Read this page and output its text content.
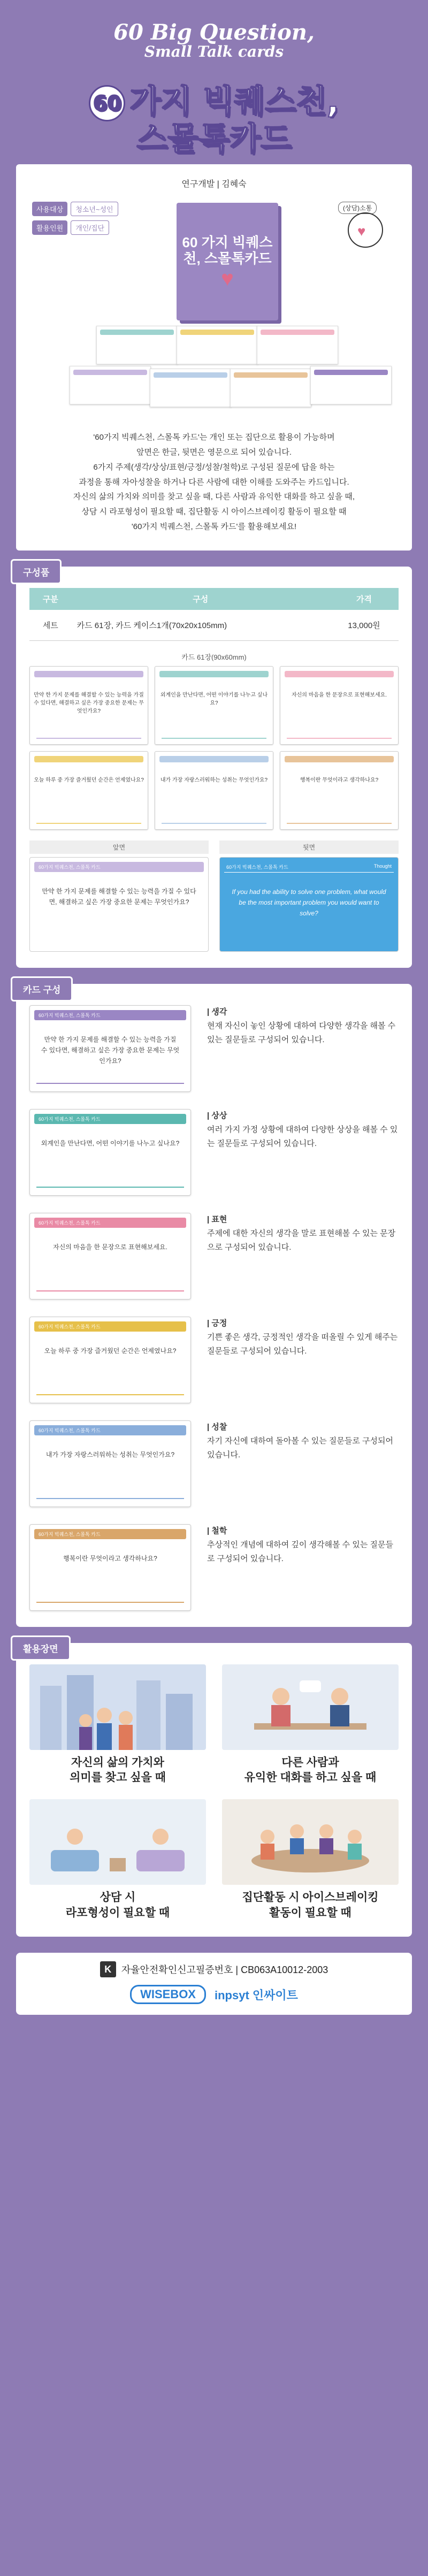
60 Big Question,
Small Talk cards
60 가지 빅퀘스천,
스몰톡카드
연구개발 | 김혜숙
사용대상	청소년~성인
활용인원	개인/집단
(상담)소통
♥
60 가지 빅퀘스천, 스몰톡카드
♥
'60가지 빅퀘스천, 스몰톡 카드'는 개인 또는 집단으로 활용이 가능하며
앞면은 한글, 뒷면은 영문으로 되어 있습니다.
6가지 주제(생각/상상/표현/긍정/성찰/철학)로 구성된 질문에 답을 하는
과정을 통해 자아성찰을 하거나 다른 사람에 대한 이해를 도와주는 카드입니다.
자신의 삶의 가치와 의미를 찾고 싶을 때, 다른 사람과 유익한 대화를 하고 싶을 때,
상담 시 라포형성이 필요할 때, 집단활동 시 아이스브레이킹 활동이 필요할 때
'60가지 빅퀘스천, 스몰톡 카드'를 활용해보세요!
구성품
구분	구성	가격
세트	카드 61장, 카드 케이스1개(70x20x105mm)	13,000원
카드 61장(90x60mm)
만약 한 가지 문제를 해결할 수 있는 능력을 가질 수 있다면, 해결하고 싶은 가장 중요한 문제는 무엇인가요?
외계인을 만난다면, 어떤 이야기를 나누고 싶나요?
자신의 마음을 한 문장으로 표현해보세요.
오늘 하루 중 가장 즐거웠던 순간은 언제였나요?	내가 가장 자랑스러워하는 성취는 무엇인가요?	행복이란 무엇이라고 생각하나요?
앞면
60가지 빅퀘스천, 스몰톡 카드
만약 한 가지 문제를 해결할 수 있는 능력을 가질 수 있다면, 해결하고 싶은 가장 중요한 문제는 무엇인가요?
뒷면
60가지 빅퀘스천, 스몰톡 카드	Thought
If you had the ability to solve one problem, what would be the most important problem you would want to solve?
카드 구성
60가지 빅퀘스천, 스몰톡 카드
만약 한 가지 문제를 해결할 수 있는 능력을 가질 수 있다면, 해결하고 싶은 가장 중요한 문제는 무엇인가요?
| 생각
현재 자신이 놓인 상황에 대하여 다양한 생각을 해볼 수 있는 질문들로 구성되어 있습니다.
60가지 빅퀘스천, 스몰톡 카드
외계인을 만난다면, 어떤 이야기를 나누고 싶나요?
| 상상
여러 가지 가정 상황에 대하여 다양한 상상을 해볼 수 있는 질문들로 구성되어 있습니다.
60가지 빅퀘스천, 스몰톡 카드
자신의 마음을 한 문장으로 표현해보세요.
| 표현
주제에 대한 자신의 생각을 말로 표현해볼 수 있는 문장으로 구성되어 있습니다.
60가지 빅퀘스천, 스몰톡 카드
오늘 하루 중 가장 즐거웠던 순간은 언제였나요?
| 긍정
기쁜 좋은 생각, 긍정적인 생각을 떠올릴 수 있게 해주는 질문들로 구성되어 있습니다.
60가지 빅퀘스천, 스몰톡 카드
내가 가장 자랑스러워하는 성취는 무엇인가요?
| 성찰
자기 자신에 대하여 돌아볼 수 있는 질문들로 구성되어 있습니다.
60가지 빅퀘스천, 스몰톡 카드
행복이란 무엇이라고 생각하나요?
| 철학
추상적인 개념에 대하여 깊이 생각해볼 수 있는 질문들로 구성되어 있습니다.
활용장면
자신의 삶의 가치와
의미를 찾고 싶을 때
다른 사람과
유익한 대화를 하고 싶을 때
상담 시
라포형성이 필요할 때
집단활동 시 아이스브레이킹
활동이 필요할 때
K	자율안전확인신고필증번호 | CB063A10012-2003
WISEBOX	inpsyt 인싸이트
